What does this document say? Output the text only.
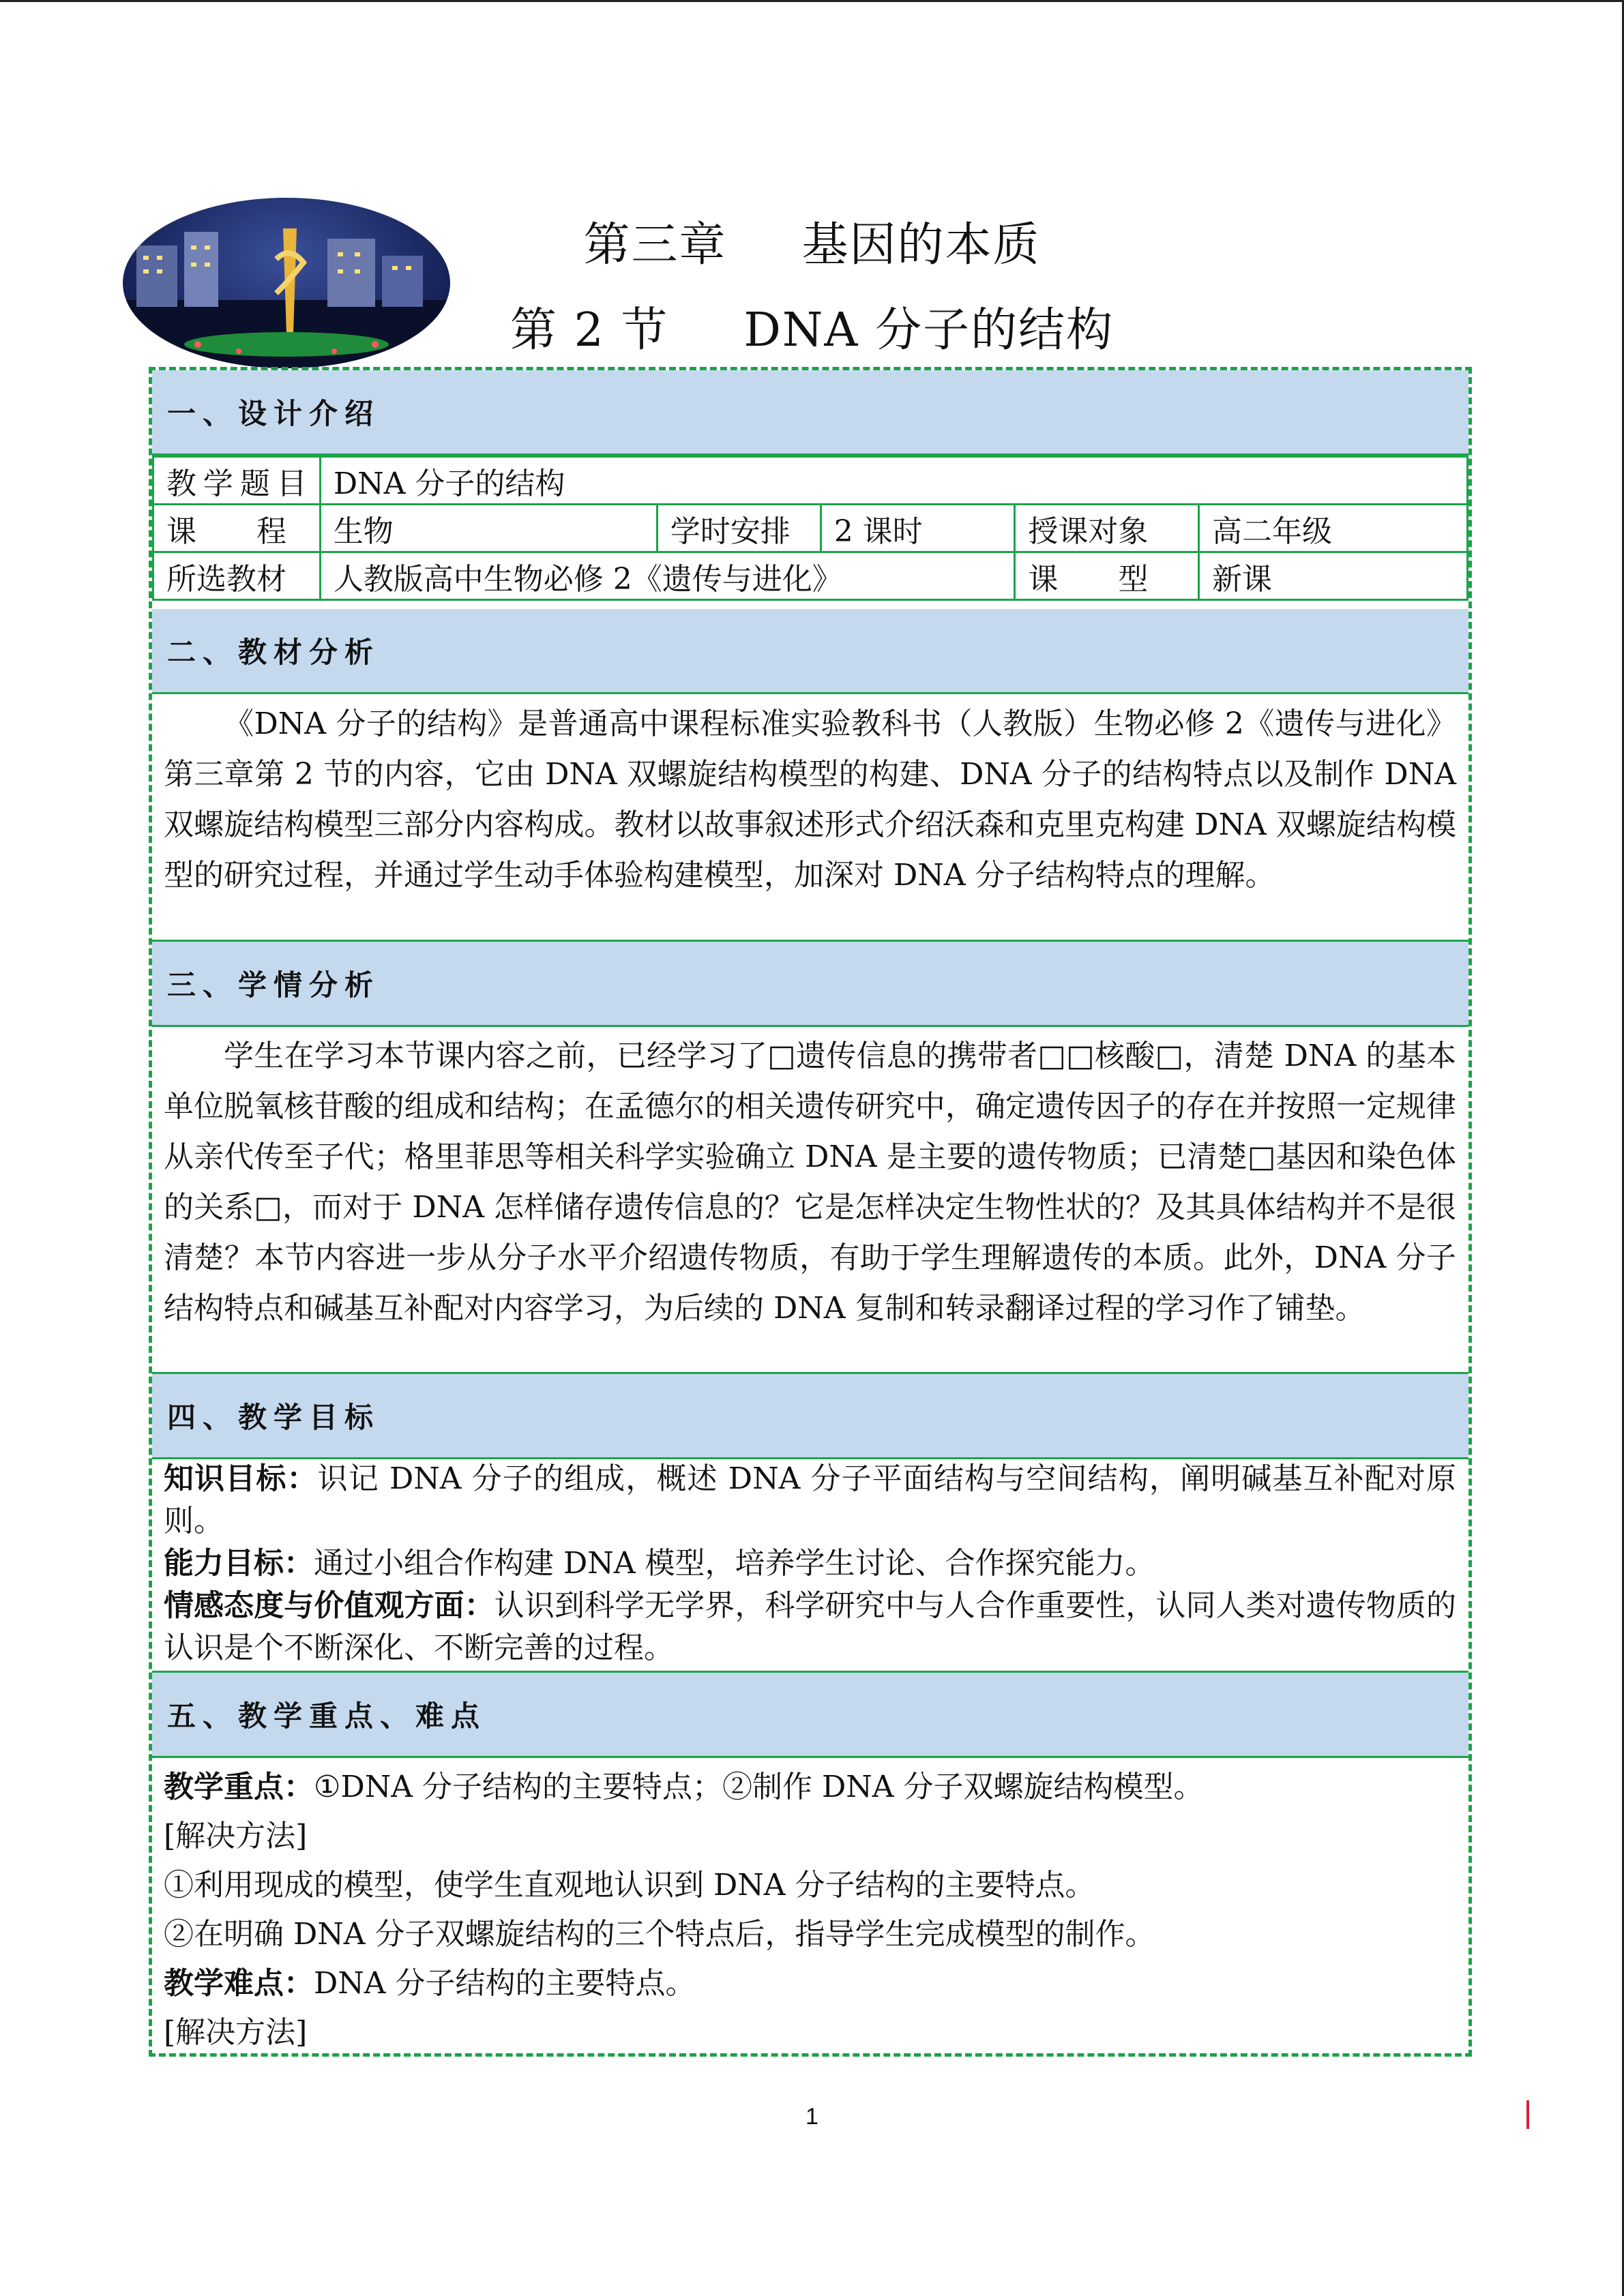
第三章 基因的本质
第 2 节 DNA 分子的结构
一、设计介绍
教学题目	DNA 分子的结构				
课　　程	生物	学时安排	2 课时	授课对象	高二年级
所选教材	人教版高中生物必修 2《遗传与进化》			课　　型	新课
二、教材分析
《DNA 分子的结构》是普通高中课程标准实验教科书（人教版）生物必修 2《遗传与进化》第三章第 2 节的内容，它由 DNA 双螺旋结构模型的构建、DNA 分子的结构特点以及制作 DNA 双螺旋结构模型三部分内容构成。教材以故事叙述形式介绍沃森和克里克构建 DNA 双螺旋结构模型的研究过程，并通过学生动手体验构建模型，加深对 DNA 分子结构特点的理解。
三、学情分析
学生在学习本节课内容之前，已经学习了□遗传信息的携带者□□核酸□，清楚 DNA 的基本单位脱氧核苷酸的组成和结构；在孟德尔的相关遗传研究中，确定遗传因子的存在并按照一定规律从亲代传至子代；格里菲思等相关科学实验确立 DNA 是主要的遗传物质；已清楚□基因和染色体的关系□，而对于 DNA 怎样储存遗传信息的？它是怎样决定生物性状的？及其具体结构并不是很清楚？本节内容进一步从分子水平介绍遗传物质，有助于学生理解遗传的本质。此外，DNA 分子结构特点和碱基互补配对内容学习，为后续的 DNA 复制和转录翻译过程的学习作了铺垫。
四、教学目标

知识目标：识记 DNA 分子的组成，概述 DNA 分子平面结构与空间结构，阐明碱基互补配对原则。

能力目标：通过小组合作构建 DNA 模型，培养学生讨论、合作探究能力。

情感态度与价值观方面：认识到科学无学界，科学研究中与人合作重要性，认同人类对遗传物质的认识是个不断深化、不断完善的过程。

五、教学重点、难点

教学重点：①DNA 分子结构的主要特点；②制作 DNA 分子双螺旋结构模型。

[解决方法]

①利用现成的模型，使学生直观地认识到 DNA 分子结构的主要特点。

②在明确 DNA 分子双螺旋结构的三个特点后，指导学生完成模型的制作。

教学难点：DNA 分子结构的主要特点。

[解决方法]

1
